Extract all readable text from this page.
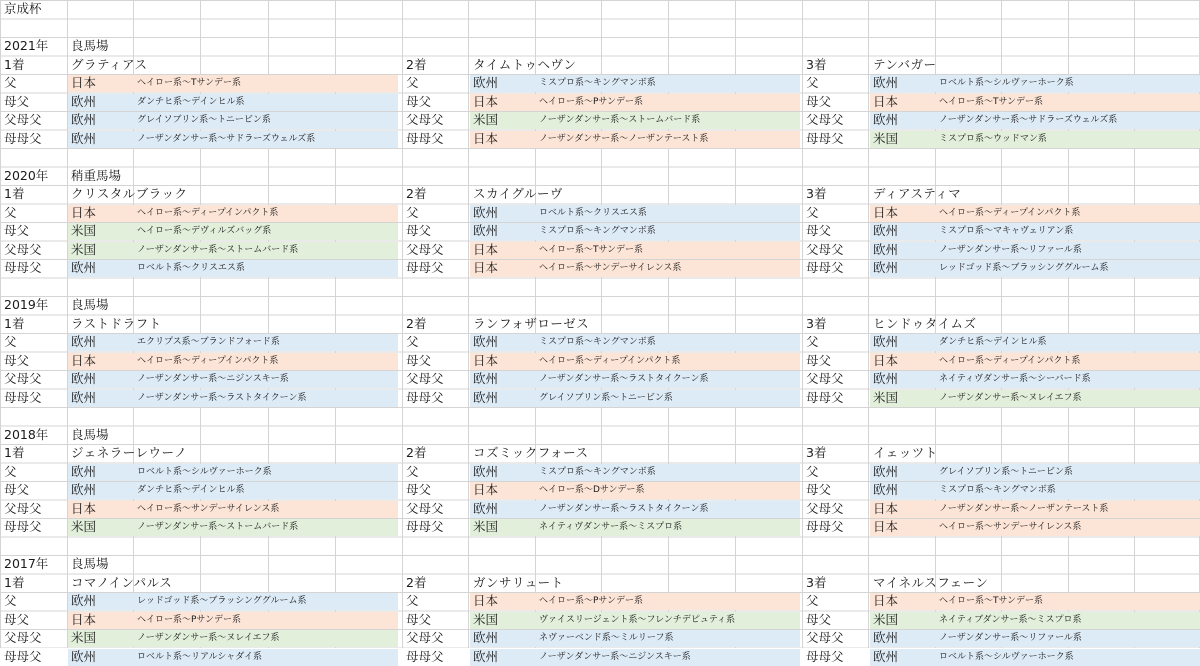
2021年 良馬場
1着	グラティアス
父	日本	ヘイロー系〜Tサンデー系
母父	欧州	ダンチヒ系〜デインヒル系
父母父 欧州	グレイソブリン系〜トニービン系
母母父 欧州	ノーザンダンサー系〜サドラーズウェルズ系
2着	タイムトゥヘヴン
父	欧州	ミスプロ系〜キングマンボ系
母父	日本	ヘイロー系〜Pサンデー系
父母父 米国	ノーザンダンサー系〜ストームバード系
母母父 日本	ノーザンダンサー系〜ノーザンテースト系
3着	テンバガー
父	欧州	ロベルト系〜シルヴァーホーク系
母父	日本	ヘイロー系〜Tサンデー系
父母父 欧州	ノーザンダンサー系〜サドラーズウェルズ系
母母父 米国	ミスプロ系〜ウッドマン系
2020年 稍重馬場
1着	クリスタルブラック
父	日本	ヘイロー系〜ディープインパクト系
母父	米国	ヘイロー系〜デヴィルズバッグ系
父母父 米国	ノーザンダンサー系〜ストームバード系
母母父 欧州	ロベルト系〜クリスエス系
2着	スカイグルーヴ
父	欧州	ロベルト系〜クリスエス系
母父	欧州	ミスプロ系〜キングマンボ系
父母父 日本	ヘイロー系〜Tサンデー系
母母父 日本	ヘイロー系〜サンデーサイレンス系
3着	ディアスティマ
父	日本	ヘイロー系〜ディープインパクト系
母父	欧州	ミスプロ系〜マキャヴェリアン系
父母父 欧州	ノーザンダンサー系〜リファール系
母母父 欧州	レッドゴッド系〜ブラッシンググルーム系
2019年 良馬場
1着	ラストドラフト
父	欧州	エクリプス系〜ブランドフォード系
母父	日本	ヘイロー系〜ディープインパクト系
父母父 欧州	ノーザンダンサー系〜ニジンスキー系
母母父 欧州	ノーザンダンサー系〜ラストタイクーン系
2着	ランフォザローゼス
父	欧州	ミスプロ系〜キングマンボ系
母父	日本	ヘイロー系〜ディープインパクト系
父母父 欧州	ノーザンダンサー系〜ラストタイクーン系
母母父 欧州	グレイソブリン系〜トニービン系
3着	ヒンドゥタイムズ
父	欧州	ダンチヒ系〜デインヒル系
母父	日本	ヘイロー系〜ディープインパクト系
父母父 欧州	ネイティヴダンサー系〜シーバード系
母母父 米国	ノーザンダンサー系〜ヌレイエフ系
2018年 良馬場
1着	ジェネラーレウーノ
父	欧州	ロベルト系〜シルヴァーホーク系
母父	欧州	ダンチヒ系〜デインヒル系
父母父 日本	ヘイロー系〜サンデーサイレンス系
母母父 米国	ノーザンダンサー系〜ストームバード系
2着	コズミックフォース
父	欧州	ミスプロ系〜キングマンボ系
母父	日本	ヘイロー系〜Dサンデー系
父母父 欧州	ノーザンダンサー系〜ラストタイクーン系
母母父 米国	ネイティヴダンサー系〜ミスプロ系
3着	イェッツト
父	欧州	グレイソブリン系〜トニービン系
母父	欧州	ミスプロ系〜キングマンボ系
父母父 日本	ノーザンダンサー系〜ノーザンテースト系
母母父 日本	ヘイロー系〜サンデーサイレンス系
2017年 良馬場
1着	コマノインパルス
父	欧州	レッドゴッド系〜ブラッシンググルーム系
母父	日本	ヘイロー系〜Pサンデー系
父母父 米国	ノーザンダンサー系〜ヌレイエフ系
母母父 欧州	ロベルト系〜リアルシャダイ系
2着	ガンサリュート
父	日本	ヘイロー系〜Pサンデー系
母父	米国	ヴァイスリージェント系〜フレンチデピュティ系
父母父 欧州	ネヴァーベンド系〜ミルリーフ系
母母父 欧州	ノーザンダンサー系〜ニジンスキー系
3着	マイネルスフェーン
父	日本	ヘイロー系〜Tサンデー系
母父	米国	ネイティブダンサー系〜ミスプロ系
父母父 欧州	ノーザンダンサー系〜リファール系
母母父 欧州	ロベルト系〜シルヴァーホーク系
京成杯
